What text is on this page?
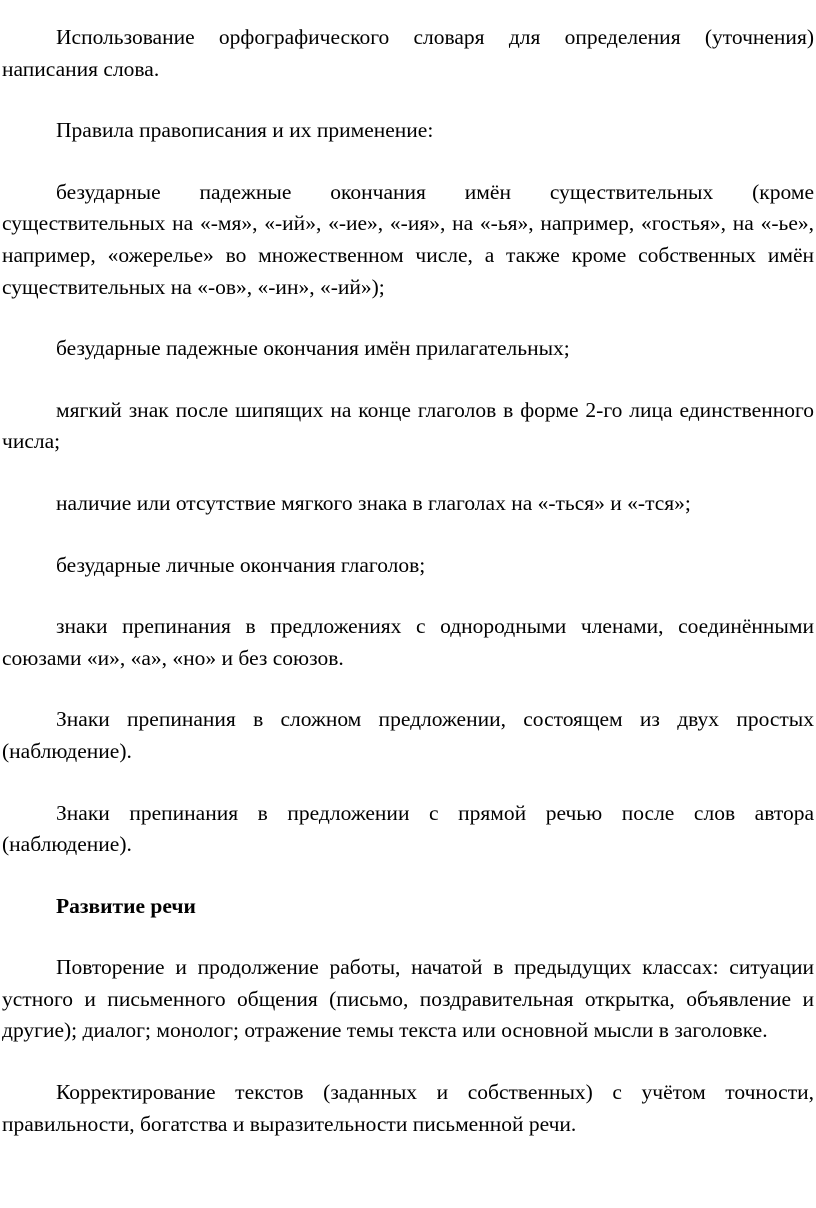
Использование орфографического словаря для определения (уточнения) написания слова.

Правила правописания и их применение:

безударные падежные окончания имён существительных (кроме существительных на «-мя», «-ий», «-ие», «-ия», на «-ья», например, «гостья», на «-ье», например, «ожерелье» во множественном числе, а также кроме собственных имён существительных на «-ов», «-ин», «-ий»);

безударные падежные окончания имён прилагательных;

мягкий знак после шипящих на конце глаголов в форме 2-го лица единственного числа;

наличие или отсутствие мягкого знака в глаголах на «-ться» и «-тся»;

безударные личные окончания глаголов;

знаки препинания в предложениях с однородными членами, соединёнными союзами «и», «а», «но» и без союзов.

Знаки препинания в сложном предложении, состоящем из двух простых (наблюдение).

Знаки препинания в предложении с прямой речью после слов автора (наблюдение).

Развитие речи

Повторение и продолжение работы, начатой в предыдущих классах: ситуации устного и письменного общения (письмо, поздравительная открытка, объявление и другие); диалог; монолог; отражение темы текста или основной мысли в заголовке.

Корректирование текстов (заданных и собственных) с учётом точности, правильности, богатства и выразительности письменной речи.
